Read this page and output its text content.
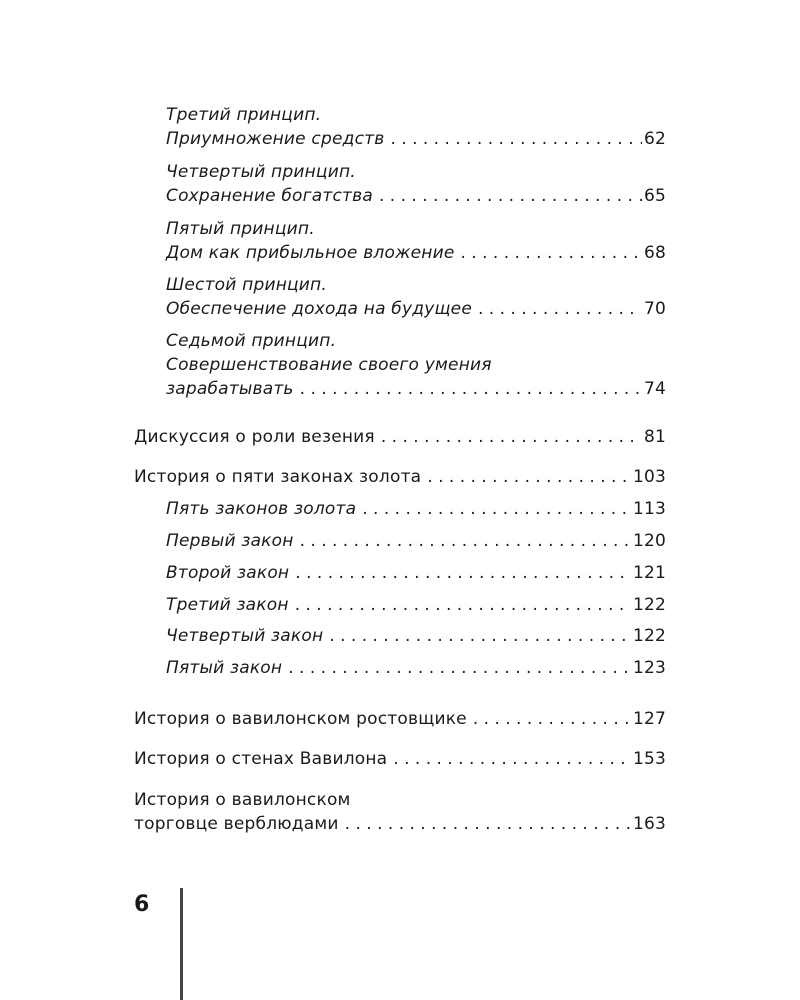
Третий принцип.
Приумножение средств . . .	62
Четвертый принцип.
Сохранение богатства . . .	65
Пятый принцип.
Дом как прибыльное вложение . . .	68
Шестой принцип.
Обеспечение дохода на будущее . . .	70
Седьмой принцип.
Совершенствование своего умения
зарабатывать . . .	74
Дискуссия о роли везения . . .	81
История о пяти законах золота . . .	103
Пять законов золота . . .	113
Первый закон . . .	120
Второй закон . . .	121
Третий закон . . .	122
Четвертый закон . . .	122
Пятый закон . . .	123
История о вавилонском ростовщике . . .	127
История о стенах Вавилона . . .	153
История о вавилонском
торговце верблюдами . . .	163
6
